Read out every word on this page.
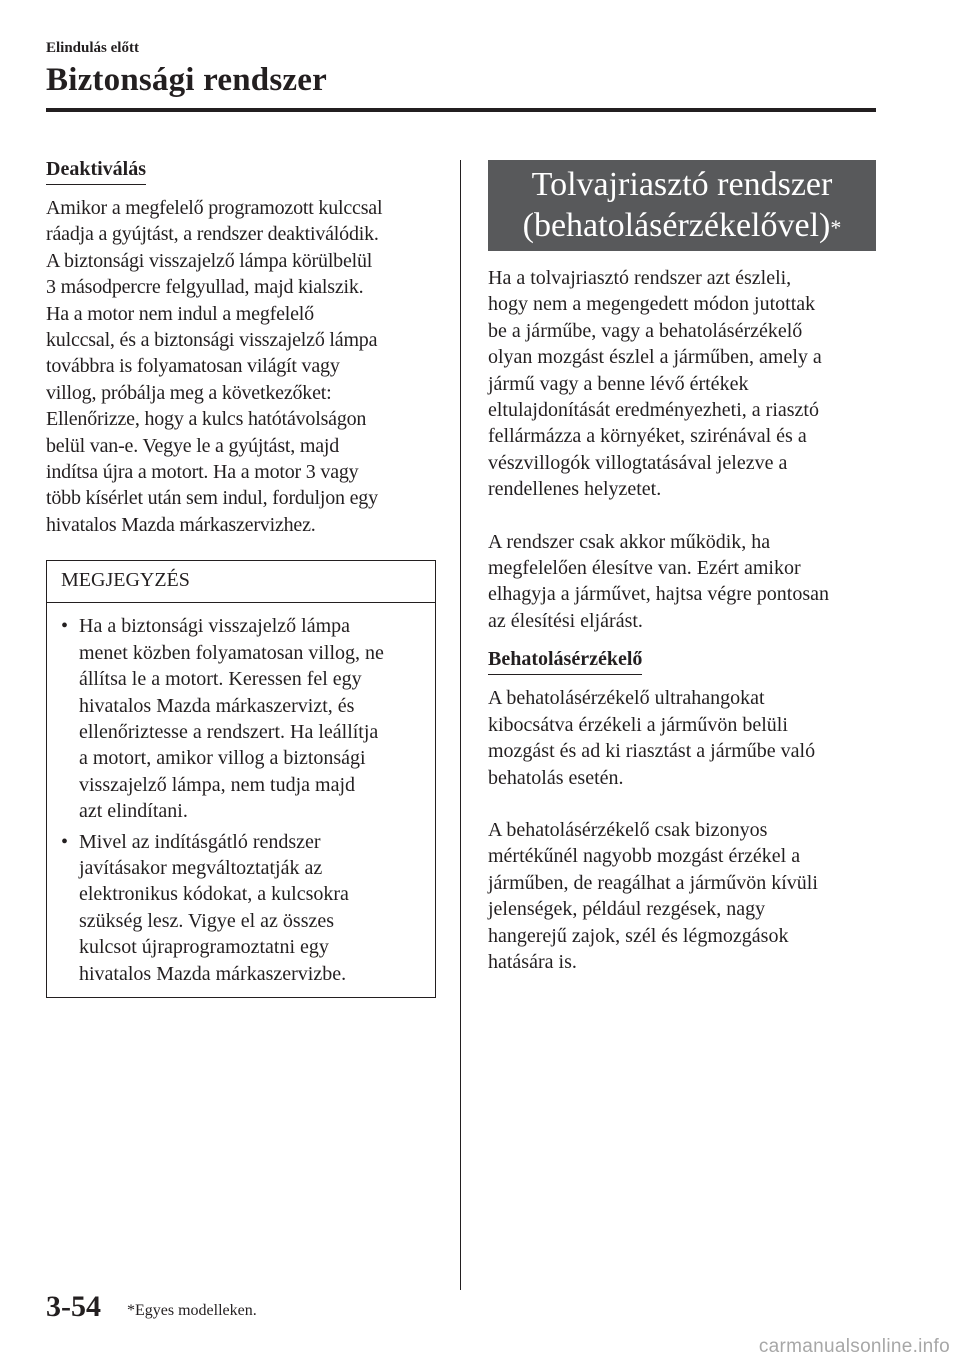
Elindulás előtt
Biztonsági rendszer
Deaktiválás
Amikor a megfelelő programozott kulccsal
ráadja a gyújtást, a rendszer deaktiválódik.
A biztonsági visszajelző lámpa körülbelül
3 másodpercre felgyullad, majd kialszik.
Ha a motor nem indul a megfelelő
kulccsal, és a biztonsági visszajelző lámpa
továbbra is folyamatosan világít vagy
villog, próbálja meg a következőket:
Ellenőrizze, hogy a kulcs hatótávolságon
belül van-e. Vegye le a gyújtást, majd
indítsa újra a motort. Ha a motor 3 vagy
több kísérlet után sem indul, forduljon egy
hivatalos Mazda márkaszervizhez.
MEGJEGYZÉS
• Ha a biztonsági visszajelző lámpa
menet közben folyamatosan villog, ne
állítsa le a motort. Keressen fel egy
hivatalos Mazda márkaszervizt, és
ellenőriztesse a rendszert. Ha leállítja
a motort, amikor villog a biztonsági
visszajelző lámpa, nem tudja majd
azt elindítani.
• Mivel az indításgátló rendszer
javításakor megváltoztatják az
elektronikus kódokat, a kulcsokra
szükség lesz. Vigye el az összes
kulcsot újraprogramoztatni egy
hivatalos Mazda márkaszervizbe.
Tolvajriasztó rendszer
(behatolásérzékelővel)*
Ha a tolvajriasztó rendszer azt észleli,
hogy nem a megengedett módon jutottak
be a járműbe, vagy a behatolásérzékelő
olyan mozgást észlel a járműben, amely a
jármű vagy a benne lévő értékek
eltulajdonítását eredményezheti, a riasztó
fellármázza a környéket, szirénával és a
vészvillogók villogtatásával jelezve a
rendellenes helyzetet.
A rendszer csak akkor működik, ha
megfelelően élesítve van. Ezért amikor
elhagyja a járművet, hajtsa végre pontosan
az élesítési eljárást.
Behatolásérzékelő
A behatolásérzékelő ultrahangokat
kibocsátva érzékeli a járművön belüli
mozgást és ad ki riasztást a járműbe való
behatolás esetén.
A behatolásérzékelő csak bizonyos
mértékűnél nagyobb mozgást érzékel a
járműben, de reagálhat a járművön kívüli
jelenségek, például rezgések, nagy
hangerejű zajok, szél és légmozgások
hatására is.
3-54 *Egyes modelleken.
carmanualsonline.info
